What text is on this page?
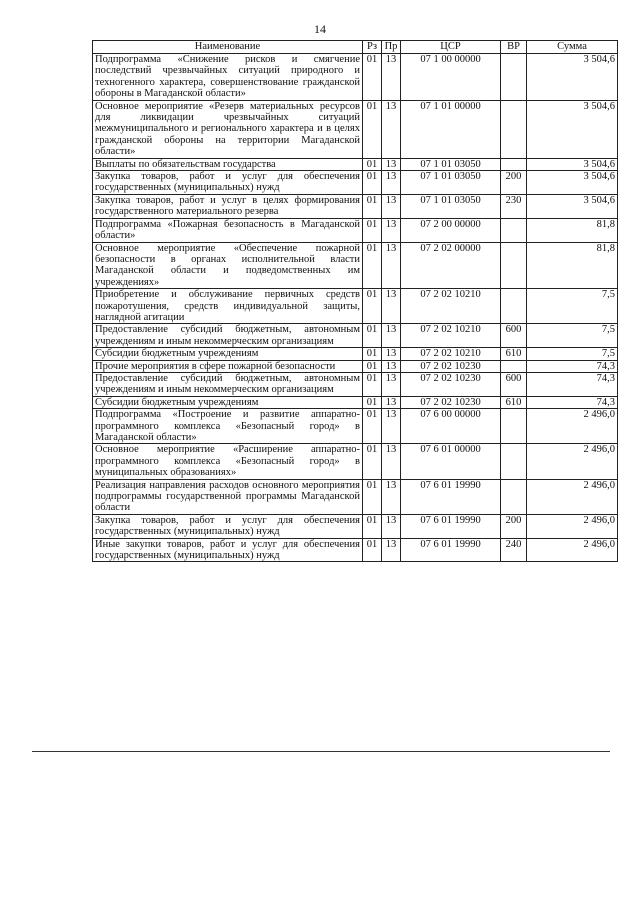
14
Наименование	Рз	Пр	ЦСР	ВР	Сумма
Подпрограмма «Снижение рисков и смягчение последствий чрезвычайных ситуаций природного и техногенного характера, совершенствование гражданской обороны в Магаданской области»	01	13	07 1 00 00000		3 504,6
Основное мероприятие «Резерв материальных ресурсов для ликвидации чрезвычайных ситуаций межмуниципального и регионального характера и в целях гражданской обороны на территории Магаданской области»	01	13	07 1 01 00000		3 504,6
Выплаты по обязательствам государства	01	13	07 1 01 03050		3 504,6
Закупка товаров, работ и услуг для обеспечения государственных (муниципальных) нужд	01	13	07 1 01 03050	200	3 504,6
Закупка товаров, работ и услуг в целях формирования государственного материального резерва	01	13	07 1 01 03050	230	3 504,6
Подпрограмма «Пожарная безопасность в Магаданской области»	01	13	07 2 00 00000		81,8
Основное мероприятие «Обеспечение пожарной безопасности в органах исполнительной власти Магаданской области и подведомственных им учреждениях»	01	13	07 2 02 00000		81,8
Приобретение и обслуживание первичных средств пожаротушения, средств индивидуальной защиты, наглядной агитации	01	13	07 2 02 10210		7,5
Предоставление субсидий бюджетным, автономным учреждениям и иным некоммерческим организациям	01	13	07 2 02 10210	600	7,5
Субсидии бюджетным учреждениям	01	13	07 2 02 10210	610	7,5
Прочие мероприятия в сфере пожарной безопасности	01	13	07 2 02 10230		74,3
Предоставление субсидий бюджетным, автономным учреждениям и иным некоммерческим организациям	01	13	07 2 02 10230	600	74,3
Субсидии бюджетным учреждениям	01	13	07 2 02 10230	610	74,3
Подпрограмма «Построение и развитие аппаратно-программного комплекса «Безопасный город» в Магаданской области»	01	13	07 6 00 00000		2 496,0
Основное мероприятие «Расширение аппаратно-программного комплекса «Безопасный город» в муниципальных образованиях»	01	13	07 6 01 00000		2 496,0
Реализация направления расходов основного мероприятия подпрограммы государственной программы Магаданской области	01	13	07 6 01 19990		2 496,0
Закупка товаров, работ и услуг для обеспечения государственных (муниципальных) нужд	01	13	07 6 01 19990	200	2 496,0
Иные закупки товаров, работ и услуг для обеспечения государственных (муниципальных) нужд	01	13	07 6 01 19990	240	2 496,0
